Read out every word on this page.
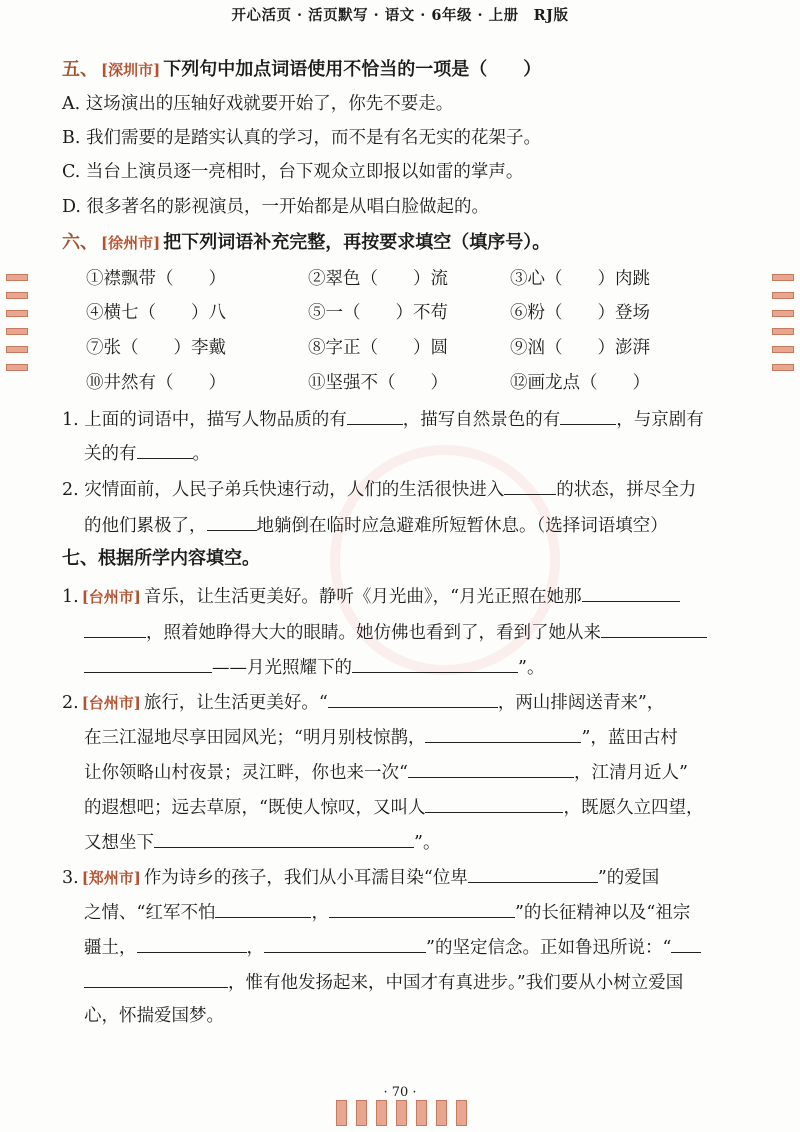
开心活页 · 活页默写 · 语文 · 6年级 · 上册　RJ版
五、 [深圳市] 下列句中加点词语使用不恰当的一项是（　　）
A. 这场演出的压轴好戏就要开始了，你先不要走。
B. 我们需要的是踏实认真的学习，而不是有名无实的花架子。
C. 当台上演员逐一亮相时，台下观众立即报以如雷的掌声。
D. 很多著名的影视演员，一开始都是从唱白脸做起的。
六、 [徐州市] 把下列词语补充完整，再按要求填空（填序号）。
①襟飘带（　　）	②翠色（　　）流	③心（　　）肉跳
④横七（　　）八	⑤一（　　）不苟	⑥粉（　　）登场
⑦张（　　）李戴	⑧字正（　　）圆	⑨汹（　　）澎湃
⑩井然有（　　）	⑪坚强不（　　）	⑫画龙点（　　）
1. 上面的词语中，描写人物品质的有	，描写自然景色的有	，与京剧有
关的有	。
2. 灾情面前，人民子弟兵快速行动，人们的生活很快进入	的状态，拼尽全力
的他们累极了，	地躺倒在临时应急避难所短暂休息。（选择词语填空）
七、根据所学内容填空。
1. [台州市] 音乐，让生活更美好。静听《月光曲》，“月光正照在她那
，照着她睁得大大的眼睛。她仿佛也看到了，看到了她从来
——月光照耀下的	”。
2. [台州市] 旅行，让生活更美好。“	，两山排闼送青来”，
在三江湿地尽享田园风光；“明月别枝惊鹊，	”，蓝田古村
让你领略山村夜景；灵江畔，你也来一次“	，江清月近人”
的遐想吧；远去草原，“既使人惊叹，又叫人	，既愿久立四望，
又想坐下	”。
3. [郑州市] 作为诗乡的孩子，我们从小耳濡目染“位卑	”的爱国
之情、“红军不怕	，	”的长征精神以及“祖宗
疆土，	，	”的坚定信念。正如鲁迅所说：“
，惟有他发扬起来，中国才有真进步。”我们要从小树立爱国
心，怀揣爱国梦。
· 70 ·
